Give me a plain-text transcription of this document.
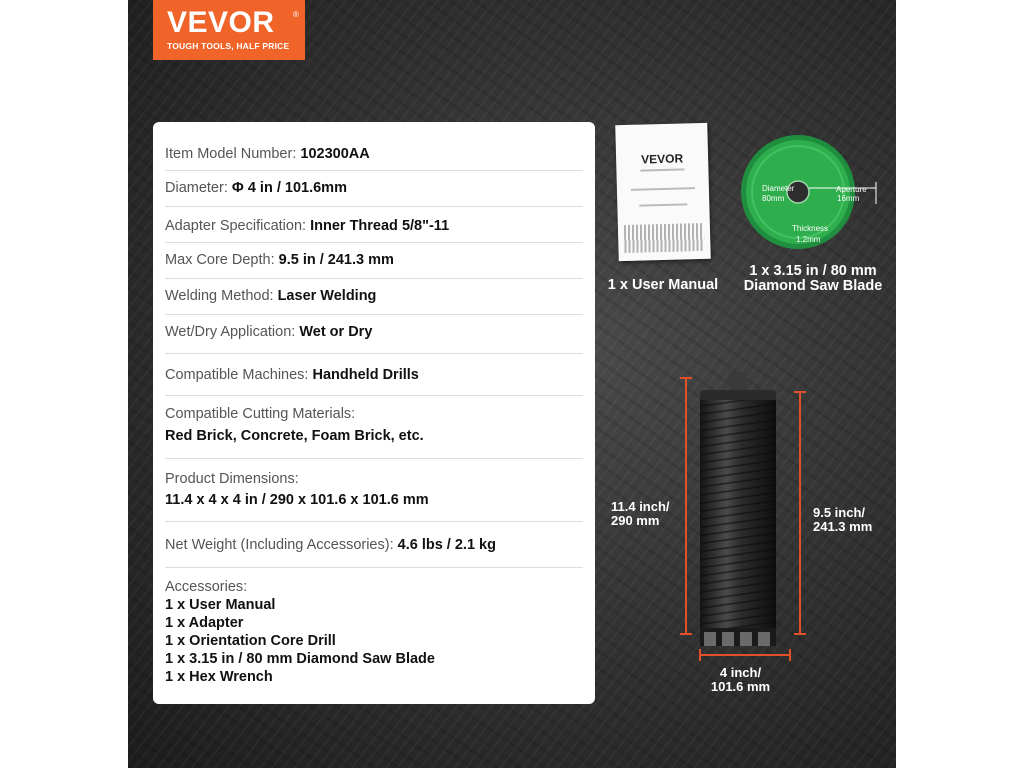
VEVOR ®
TOUGH TOOLS, HALF PRICE
Item Model Number: 102300AA
Diameter: Φ 4 in / 101.6mm
Adapter Specification: Inner Thread 5/8"-11
Max Core Depth: 9.5 in / 241.3 mm
Welding Method: Laser Welding
Wet/Dry Application: Wet or Dry
Compatible Machines: Handheld Drills
Compatible Cutting Materials:
Red Brick, Concrete, Foam Brick, etc.
Product Dimensions:
11.4 x 4 x 4 in / 290 x 101.6 x 101.6 mm
Net Weight (Including Accessories): 4.6 lbs / 2.1 kg
Accessories:
1 x User Manual
1 x Adapter
1 x Orientation Core Drill
1 x 3.15 in / 80 mm Diamond Saw Blade
1 x Hex Wrench
VEVOR
1 x User Manual
Diameter
80mm
Aperture
16mm
Thickness
1.2mm
1 x 3.15 in / 80 mm
Diamond Saw Blade
11.4 inch/
290 mm
9.5 inch/
241.3 mm
4 inch/
101.6 mm
